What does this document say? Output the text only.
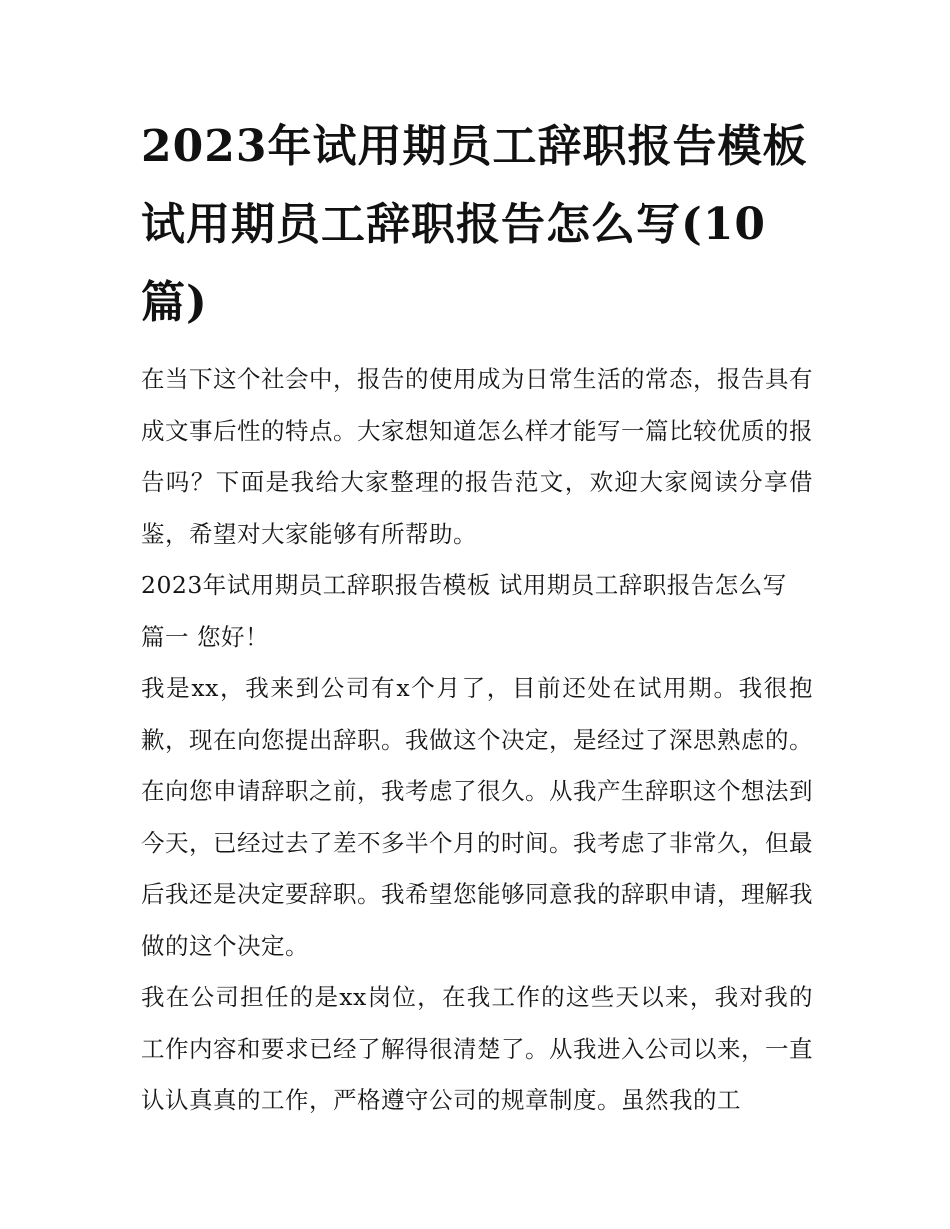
2023年试用期员工辞职报告模板 试用期员工辞职报告怎么写(10篇)

在当下这个社会中，报告的使用成为日常生活的常态，报告具有成文事后性的特点。大家想知道怎么样才能写一篇比较优质的报告吗？下面是我给大家整理的报告范文，欢迎大家阅读分享借鉴，希望对大家能够有所帮助。

2023年试用期员工辞职报告模板 试用期员工辞职报告怎么写

篇一 您好！

我是xx，我来到公司有x个月了，目前还处在试用期。我很抱歉，现在向您提出辞职。我做这个决定，是经过了深思熟虑的。在向您申请辞职之前，我考虑了很久。从我产生辞职这个想法到今天，已经过去了差不多半个月的时间。我考虑了非常久，但最后我还是决定要辞职。我希望您能够同意我的辞职申请，理解我做的这个决定。

我在公司担任的是xx岗位，在我工作的这些天以来，我对我的工作内容和要求已经了解得很清楚了。从我进入公司以来，一直认认真真的工作，严格遵守公司的规章制度。虽然我的工
